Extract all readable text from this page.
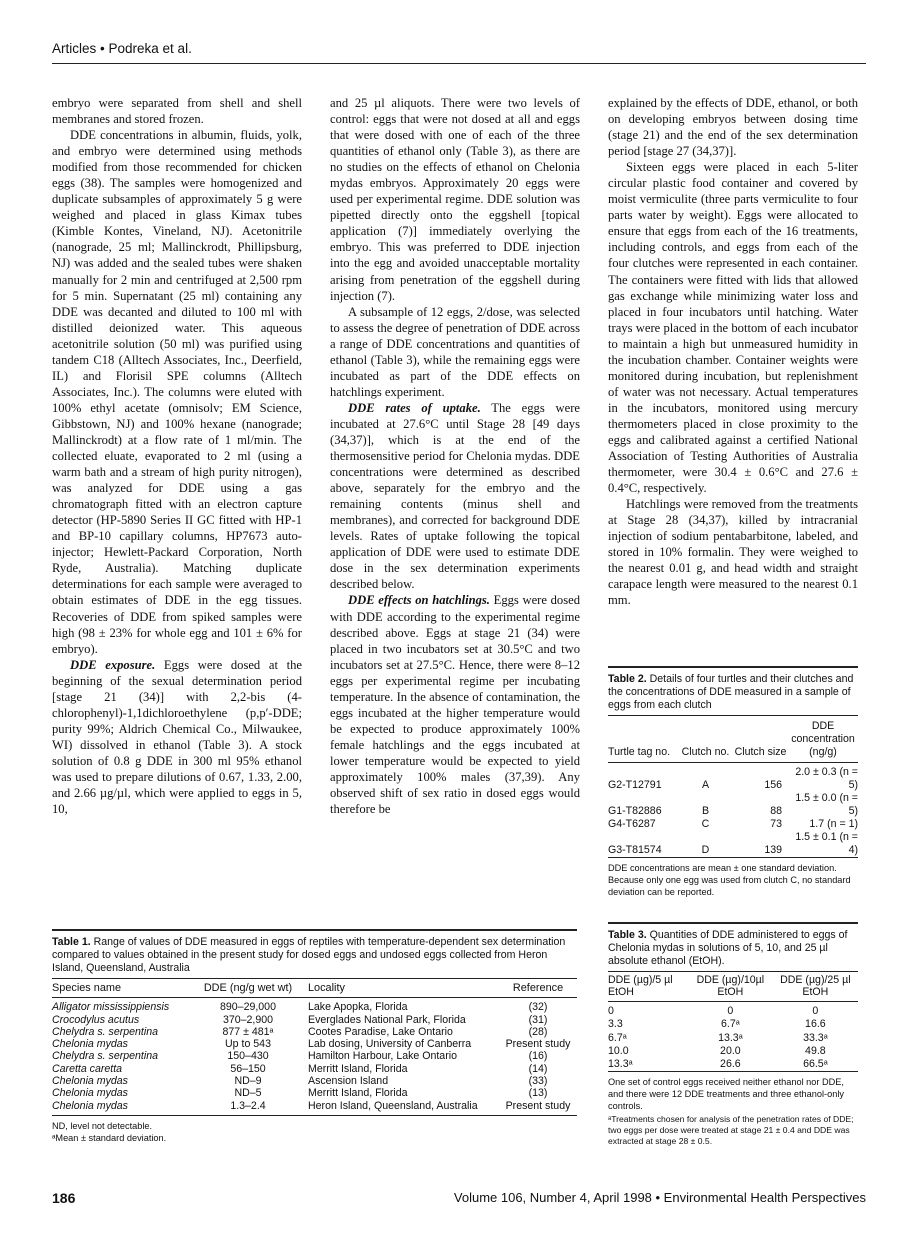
Articles • Podreka et al.

embryo were separated from shell and shell membranes and stored frozen.

DDE concentrations in albumin, fluids, yolk, and embryo were determined using methods modified from those recommended for chicken eggs (38). The samples were homogenized and duplicate subsamples of approximately 5 g were weighed and placed in glass Kimax tubes (Kimble Kontes, Vineland, NJ). Acetonitrile (nanograde, 25 ml; Mallinckrodt, Phillipsburg, NJ) was added and the sealed tubes were shaken manually for 2 min and centrifuged at 2,500 rpm for 5 min. Supernatant (25 ml) containing any DDE was decanted and diluted to 100 ml with distilled deionized water. This aqueous acetonitrile solution (50 ml) was purified using tandem C18 (Alltech Associates, Inc., Deerfield, IL) and Florisil SPE columns (Alltech Associates, Inc.). The columns were eluted with 100% ethyl acetate (omnisolv; EM Science, Gibbstown, NJ) and 100% hexane (nanograde; Mallinckrodt) at a flow rate of 1 ml/min. The collected eluate, evaporated to 2 ml (using a warm bath and a stream of high purity nitrogen), was analyzed for DDE using a gas chromatograph fitted with an electron capture detector (HP-5890 Series II GC fitted with HP-1 and BP-10 capillary columns, HP7673 auto-injector; Hewlett-Packard Corporation, North Ryde, Australia). Matching duplicate determinations for each sample were averaged to obtain estimates of DDE in the egg tissues. Recoveries of DDE from spiked samples were high (98 ± 23% for whole egg and 101 ± 6% for embryo).

DDE exposure. Eggs were dosed at the beginning of the sexual determination period [stage 21 (34)] with 2,2-bis (4-chlorophenyl)-1,1dichloroethylene (p,p′-DDE; purity 99%; Aldrich Chemical Co., Milwaukee, WI) dissolved in ethanol (Table 3). A stock solution of 0.8 g DDE in 300 ml 95% ethanol was used to prepare dilutions of 0.67, 1.33, 2.00, and 2.66 µg/µl, which were applied to eggs in 5, 10,

and 25 µl aliquots. There were two levels of control: eggs that were not dosed at all and eggs that were dosed with one of each of the three quantities of ethanol only (Table 3), as there are no studies on the effects of ethanol on Chelonia mydas embryos. Approximately 20 eggs were used per experimental regime. DDE solution was pipetted directly onto the eggshell [topical application (7)] immediately overlying the embryo. This was preferred to DDE injection into the egg and avoided unacceptable mortality arising from penetration of the eggshell during injection (7).

A subsample of 12 eggs, 2/dose, was selected to assess the degree of penetration of DDE across a range of DDE concentrations and quantities of ethanol (Table 3), while the remaining eggs were incubated as part of the DDE effects on hatchlings experiment.

DDE rates of uptake. The eggs were incubated at 27.6°C until Stage 28 [49 days (34,37)], which is at the end of the thermosensitive period for Chelonia mydas. DDE concentrations were determined as described above, separately for the embryo and the remaining contents (minus shell and membranes), and corrected for background DDE levels. Rates of uptake following the topical application of DDE were used to estimate DDE dose in the sex determination experiments described below.

DDE effects on hatchlings. Eggs were dosed with DDE according to the experimental regime described above. Eggs at stage 21 (34) were placed in two incubators set at 30.5°C and two incubators set at 27.5°C. Hence, there were 8–12 eggs per experimental regime per incubating temperature. In the absence of contamination, the eggs incubated at the higher temperature would be expected to produce approximately 100% female hatchlings and the eggs incubated at lower temperature would be expected to yield approximately 100% males (37,39). Any observed shift of sex ratio in dosed eggs would therefore be

explained by the effects of DDE, ethanol, or both on developing embryos between dosing time (stage 21) and the end of the sex determination period [stage 27 (34,37)].

Sixteen eggs were placed in each 5-liter circular plastic food container and covered by moist vermiculite (three parts vermiculite to four parts water by weight). Eggs were allocated to ensure that eggs from each of the 16 treatments, including controls, and eggs from each of the four clutches were represented in each container. The containers were fitted with lids that allowed gas exchange while minimizing water loss and placed in four incubators until hatching. Water trays were placed in the bottom of each incubator to maintain a high but unmeasured humidity in the incubation chamber. Container weights were monitored during incubation, but replenishment of water was not necessary. Actual temperatures in the incubators, monitored using mercury thermometers placed in close proximity to the eggs and calibrated against a certified National Association of Testing Authorities of Australia thermometer, were 30.4 ± 0.6°C and 27.6 ± 0.4°C, respectively.

Hatchlings were removed from the treatments at Stage 28 (34,37), killed by intracranial injection of sodium pentabarbitone, labeled, and stored in 10% formalin. They were weighed to the nearest 0.01 g, and head width and straight carapace length were measured to the nearest 0.1 mm.

Table 2. Details of four turtles and their clutches and the concentrations of DDE measured in a sample of eggs from each clutch
Turtle tag no.	Clutch no.	Clutch size	DDE concentration (ng/g)
G2-T12791	A	156	2.0 ± 0.3 (n = 5)
G1-T82886	B	88	1.5 ± 0.0 (n = 5)
G4-T6287	C	73	1.7 (n = 1)
G3-T81574	D	139	1.5 ± 0.1 (n = 4)
DDE concentrations are mean ± one standard deviation. Because only one egg was used from clutch C, no standard deviation can be reported.
Table 3. Quantities of DDE administered to eggs of Chelonia mydas in solutions of 5, 10, and 25 µl absolute ethanol (EtOH).
DDE (µg)/5 µl EtOH	DDE (µg)/10µl EtOH	DDE (µg)/25 µl EtOH
0	0	0
3.3	6.7ᵃ	16.6
6.7ᵃ	13.3ᵃ	33.3ᵃ
10.0	20.0	49.8
13.3ᵃ	26.6	66.5ᵃ
One set of control eggs received neither ethanol nor DDE, and there were 12 DDE treatments and three ethanol-only controls.
ᵃTreatments chosen for analysis of the penetration rates of DDE; two eggs per dose were treated at stage 21 ± 0.4 and DDE was extracted at stage 28 ± 0.5.
Table 1. Range of values of DDE measured in eggs of reptiles with temperature-dependent sex determination compared to values obtained in the present study for dosed eggs and undosed eggs collected from Heron Island, Queensland, Australia
Species name	DDE (ng/g wet wt)	Locality	Reference
Alligator mississippiensis	890–29,000	Lake Apopka, Florida	(32)
Crocodylus acutus	370–2,900	Everglades National Park, Florida	(31)
Chelydra s. serpentina	877 ± 481ᵃ	Cootes Paradise, Lake Ontario	(28)
Chelonia mydas	Up to 543	Lab dosing, University of Canberra	Present study
Chelydra s. serpentina	150–430	Hamilton Harbour, Lake Ontario	(16)
Caretta caretta	56–150	Merritt Island, Florida	(14)
Chelonia mydas	ND–9	Ascension Island	(33)
Chelonia mydas	ND–5	Merritt Island, Florida	(13)
Chelonia mydas	1.3–2.4	Heron Island, Queensland, Australia	Present study
ND, level not detectable.
ᵃMean ± standard deviation.
186	Volume 106, Number 4, April 1998 • Environmental Health Perspectives
